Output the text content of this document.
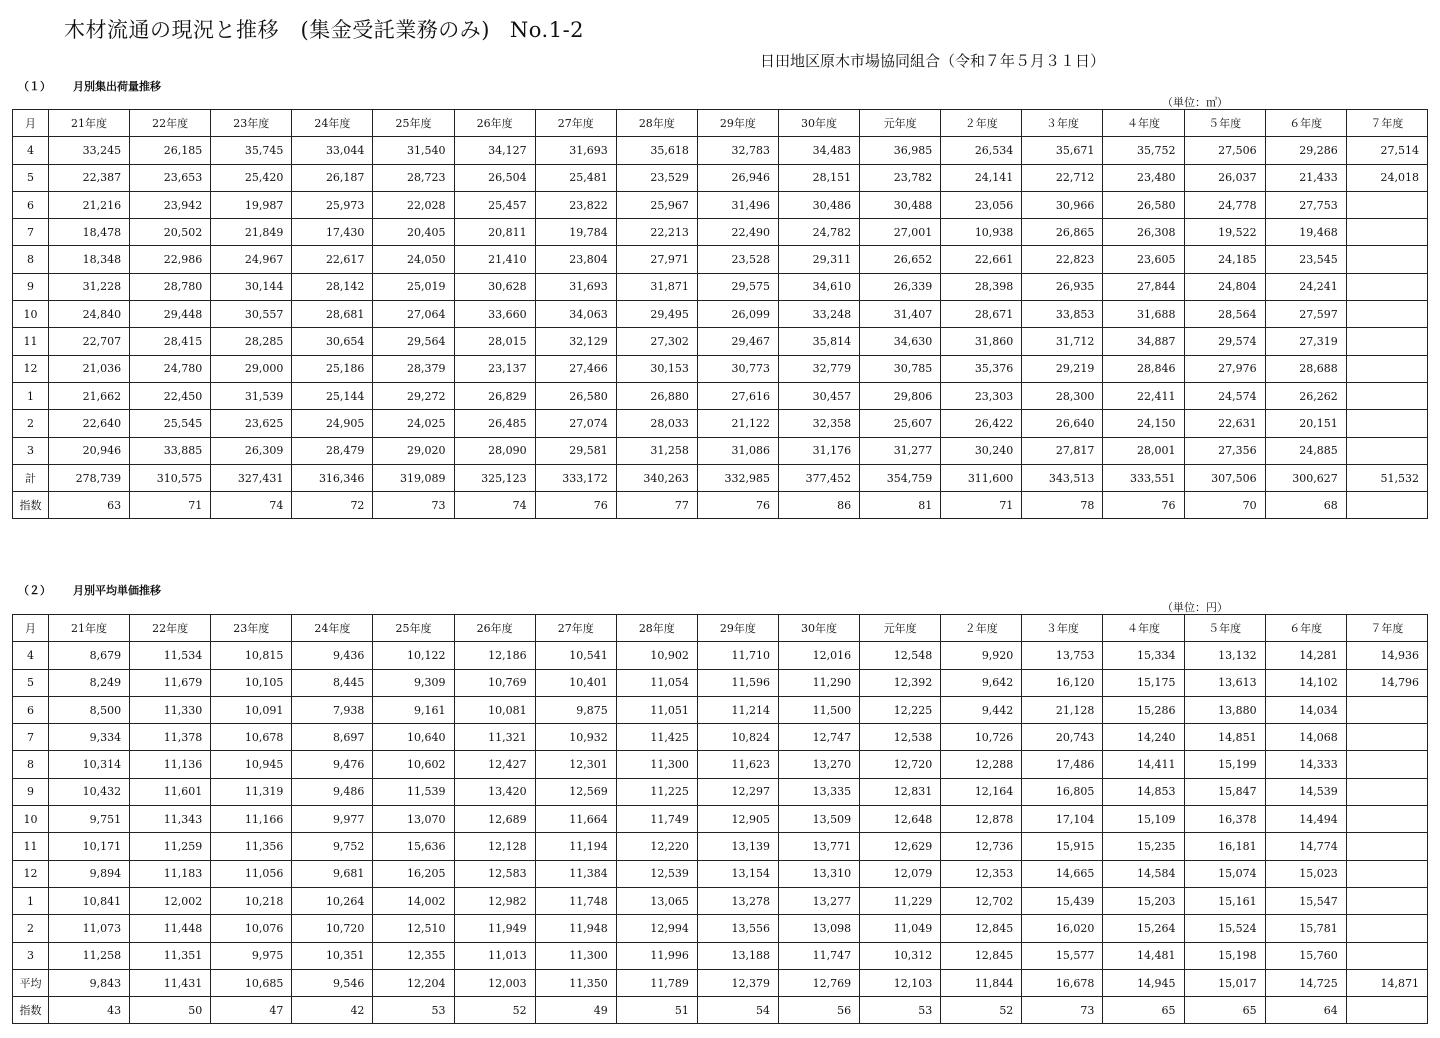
木材流通の現況と推移　(集金受託業務のみ) No.1-2
日田地区原木市場協同組合（令和７年５月３１日）
（１） 月別集出荷量推移
（単位：㎥）
月	21年度	22年度	23年度	24年度	25年度	26年度	27年度	28年度	29年度	30年度	元年度	２年度	３年度	４年度	５年度	６年度	７年度
4	33,245	26,185	35,745	33,044	31,540	34,127	31,693	35,618	32,783	34,483	36,985	26,534	35,671	35,752	27,506	29,286	27,514
5	22,387	23,653	25,420	26,187	28,723	26,504	25,481	23,529	26,946	28,151	23,782	24,141	22,712	23,480	26,037	21,433	24,018
6	21,216	23,942	19,987	25,973	22,028	25,457	23,822	25,967	31,496	30,486	30,488	23,056	30,966	26,580	24,778	27,753	
7	18,478	20,502	21,849	17,430	20,405	20,811	19,784	22,213	22,490	24,782	27,001	10,938	26,865	26,308	19,522	19,468	
8	18,348	22,986	24,967	22,617	24,050	21,410	23,804	27,971	23,528	29,311	26,652	22,661	22,823	23,605	24,185	23,545	
9	31,228	28,780	30,144	28,142	25,019	30,628	31,693	31,871	29,575	34,610	26,339	28,398	26,935	27,844	24,804	24,241	
10	24,840	29,448	30,557	28,681	27,064	33,660	34,063	29,495	26,099	33,248	31,407	28,671	33,853	31,688	28,564	27,597	
11	22,707	28,415	28,285	30,654	29,564	28,015	32,129	27,302	29,467	35,814	34,630	31,860	31,712	34,887	29,574	27,319	
12	21,036	24,780	29,000	25,186	28,379	23,137	27,466	30,153	30,773	32,779	30,785	35,376	29,219	28,846	27,976	28,688	
1	21,662	22,450	31,539	25,144	29,272	26,829	26,580	26,880	27,616	30,457	29,806	23,303	28,300	22,411	24,574	26,262	
2	22,640	25,545	23,625	24,905	24,025	26,485	27,074	28,033	21,122	32,358	25,607	26,422	26,640	24,150	22,631	20,151	
3	20,946	33,885	26,309	28,479	29,020	28,090	29,581	31,258	31,086	31,176	31,277	30,240	27,817	28,001	27,356	24,885	
計	278,739	310,575	327,431	316,346	319,089	325,123	333,172	340,263	332,985	377,452	354,759	311,600	343,513	333,551	307,506	300,627	51,532
指数	63	71	74	72	73	74	76	77	76	86	81	71	78	76	70	68	
（２） 月別平均単価推移
（単位：円）
月	21年度	22年度	23年度	24年度	25年度	26年度	27年度	28年度	29年度	30年度	元年度	２年度	３年度	４年度	５年度	６年度	７年度
4	8,679	11,534	10,815	9,436	10,122	12,186	10,541	10,902	11,710	12,016	12,548	9,920	13,753	15,334	13,132	14,281	14,936
5	8,249	11,679	10,105	8,445	9,309	10,769	10,401	11,054	11,596	11,290	12,392	9,642	16,120	15,175	13,613	14,102	14,796
6	8,500	11,330	10,091	7,938	9,161	10,081	9,875	11,051	11,214	11,500	12,225	9,442	21,128	15,286	13,880	14,034	
7	9,334	11,378	10,678	8,697	10,640	11,321	10,932	11,425	10,824	12,747	12,538	10,726	20,743	14,240	14,851	14,068	
8	10,314	11,136	10,945	9,476	10,602	12,427	12,301	11,300	11,623	13,270	12,720	12,288	17,486	14,411	15,199	14,333	
9	10,432	11,601	11,319	9,486	11,539	13,420	12,569	11,225	12,297	13,335	12,831	12,164	16,805	14,853	15,847	14,539	
10	9,751	11,343	11,166	9,977	13,070	12,689	11,664	11,749	12,905	13,509	12,648	12,878	17,104	15,109	16,378	14,494	
11	10,171	11,259	11,356	9,752	15,636	12,128	11,194	12,220	13,139	13,771	12,629	12,736	15,915	15,235	16,181	14,774	
12	9,894	11,183	11,056	9,681	16,205	12,583	11,384	12,539	13,154	13,310	12,079	12,353	14,665	14,584	15,074	15,023	
1	10,841	12,002	10,218	10,264	14,002	12,982	11,748	13,065	13,278	13,277	11,229	12,702	15,439	15,203	15,161	15,547	
2	11,073	11,448	10,076	10,720	12,510	11,949	11,948	12,994	13,556	13,098	11,049	12,845	16,020	15,264	15,524	15,781	
3	11,258	11,351	9,975	10,351	12,355	11,013	11,300	11,996	13,188	11,747	10,312	12,845	15,577	14,481	15,198	15,760	
平均	9,843	11,431	10,685	9,546	12,204	12,003	11,350	11,789	12,379	12,769	12,103	11,844	16,678	14,945	15,017	14,725	14,871
指数	43	50	47	42	53	52	49	51	54	56	53	52	73	65	65	64	
